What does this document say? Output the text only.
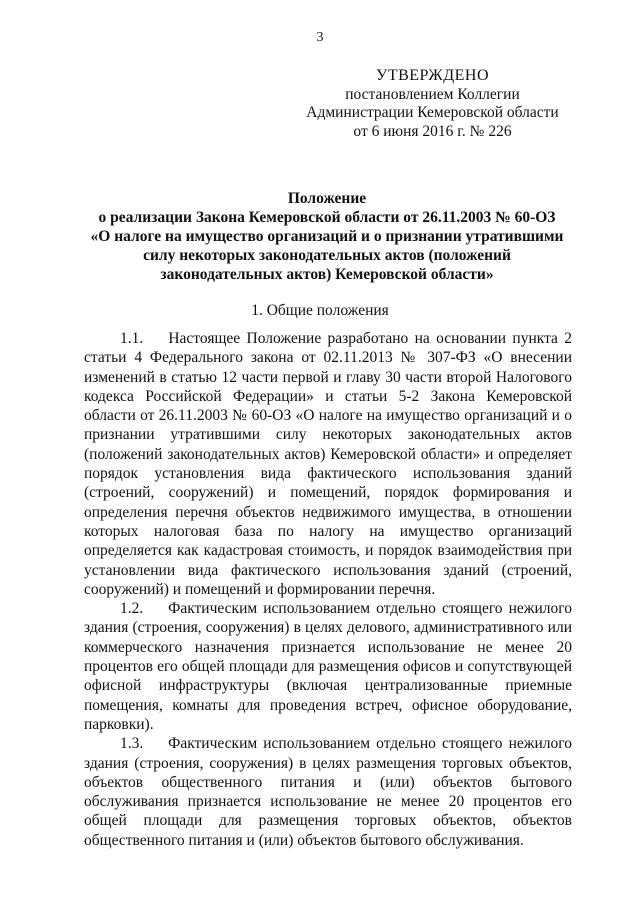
3
УТВЕРЖДЕНО
постановлением Коллегии
Администрации Кемеровской области
от 6 июня 2016 г. № 226
Положение
о реализации Закона Кемеровской области от 26.11.2003 № 60-ОЗ
«О налоге на имущество организаций и о признании утратившими
силу некоторых законодательных актов (положений
законодательных актов) Кемеровской области»
1. Общие положения

1.1. Настоящее Положение разработано на основании пункта 2 статьи 4 Федерального закона от 02.11.2013 № 307-ФЗ «О внесении изменений в статью 12 части первой и главу 30 части второй Налогового кодекса Российской Федерации» и статьи 5-2 Закона Кемеровской области от 26.11.2003 № 60-ОЗ «О налоге на имущество организаций и о признании утратившими силу некоторых законодательных актов (положений законодательных актов) Кемеровской области» и определяет порядок установления вида фактического использования зданий (строений, сооружений) и помещений, порядок формирования и определения перечня объектов недвижимого имущества, в отношении которых налоговая база по налогу на имущество организаций определяется как кадастровая стоимость, и порядок взаимодействия при установлении вида фактического использования зданий (строений, сооружений) и помещений и формировании перечня.

1.2. Фактическим использованием отдельно стоящего нежилого здания (строения, сооружения) в целях делового, административного или коммерческого назначения признается использование не менее 20 процентов его общей площади для размещения офисов и сопутствующей офисной инфраструктуры (включая централизованные приемные помещения, комнаты для проведения встреч, офисное оборудование, парковки).

1.3. Фактическим использованием отдельно стоящего нежилого здания (строения, сооружения) в целях размещения торговых объектов, объектов общественного питания и (или) объектов бытового обслуживания признается использование не менее 20 процентов его общей площади для размещения торговых объектов, объектов общественного питания и (или) объектов бытового обслуживания.
